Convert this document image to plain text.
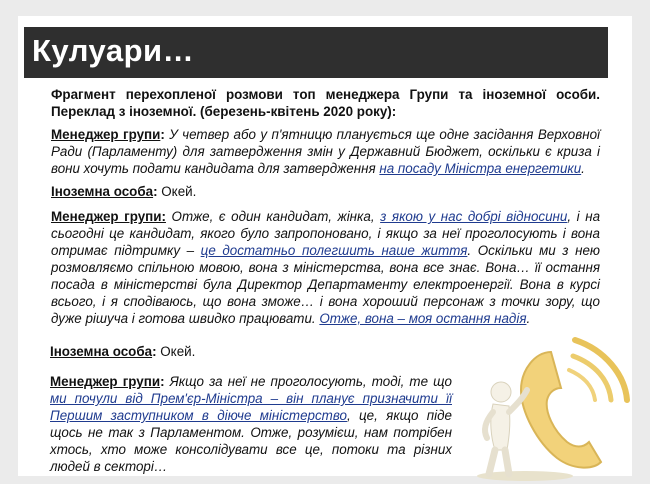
Кулуари…
Фрагмент перехопленої розмови топ менеджера Групи та іноземної особи. Переклад з іноземної. (березень-квітень 2020 року):
Менеджер групи: У четвер або у п'ятницю планується ще одне засідання Верховної Ради (Парламенту) для затвердження змін у Державний Бюджет, оскільки є криза і вони хочуть подати кандидата для затвердження на посаду Міністра енергетики.
Іноземна особа: Окей.
Менеджер групи: Отже, є один кандидат, жінка, з якою у нас добрі відносини, і на сьогодні це кандидат, якого було запропоновано, і якщо за неї проголосують і вона отримає підтримку – це достатньо полегшить наше життя. Оскільки ми з нею розмовляємо спільною мовою, вона з міністерства, вона все знає. Вона… її остання посада в міністерстві була Директор Департаменту електроенергії. Вона в курсі всього, і я сподіваюсь, що вона зможе… і вона хороший персонаж з точки зору, що дуже рішуча і готова швидко працювати. Отже, вона – моя остання надія.
Іноземна особа: Окей.
Менеджер групи: Якщо за неї не проголосують, тоді, те що ми почули від Прем'єр-Міністра – він планує призначити її Першим заступником в діюче міністерство, це, якщо піде щось не так з Парламентом. Отже, розумієш, нам потрібен хтось, хто може консолідувати все це, потоки та різних людей в секторі…
